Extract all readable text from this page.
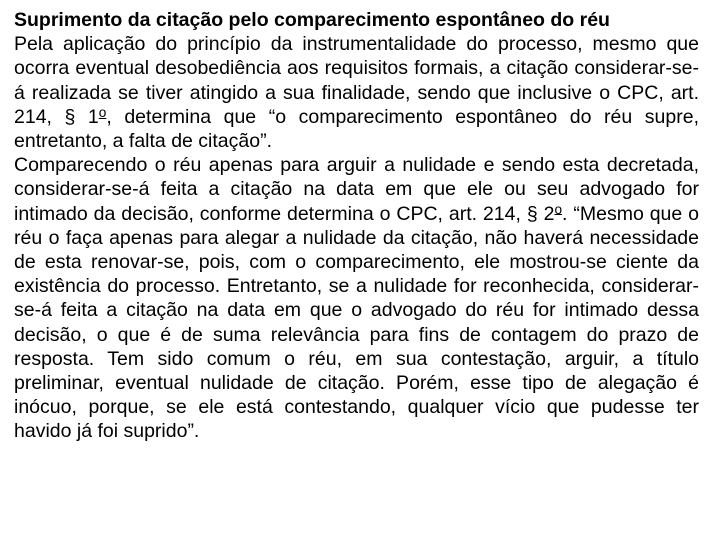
Suprimento da citação pelo comparecimento espontâneo do réu

Pela aplicação do princípio da instrumentalidade do processo, mesmo que ocorra eventual desobediência aos requisitos formais, a citação considerar-se-á realizada se tiver atingido a sua finalidade, sendo que inclusive o CPC, art. 214, § 1$^o$, determina que “o comparecimento espontâneo do réu supre, entretanto, a falta de citação”.

Comparecendo o réu apenas para arguir a nulidade e sendo esta decretada, considerar-se-á feita a citação na data em que ele ou seu advogado for intimado da decisão, conforme determina o CPC, art. 214, § 2$^o$. “Mesmo que o réu o faça apenas para alegar a nulidade da citação, não haverá necessidade de esta renovar-se, pois, com o comparecimento, ele mostrou-se ciente da existência do processo. Entretanto, se a nulidade for reconhecida, considerar-se-á feita a citação na data em que o advogado do réu for intimado dessa decisão, o que é de suma relevância para fins de contagem do prazo de resposta. Tem sido comum o réu, em sua contestação, arguir, a título preliminar, eventual nulidade de citação. Porém, esse tipo de alegação é inócuo, porque, se ele está contestando, qualquer vício que pudesse ter havido já foi suprido”.
